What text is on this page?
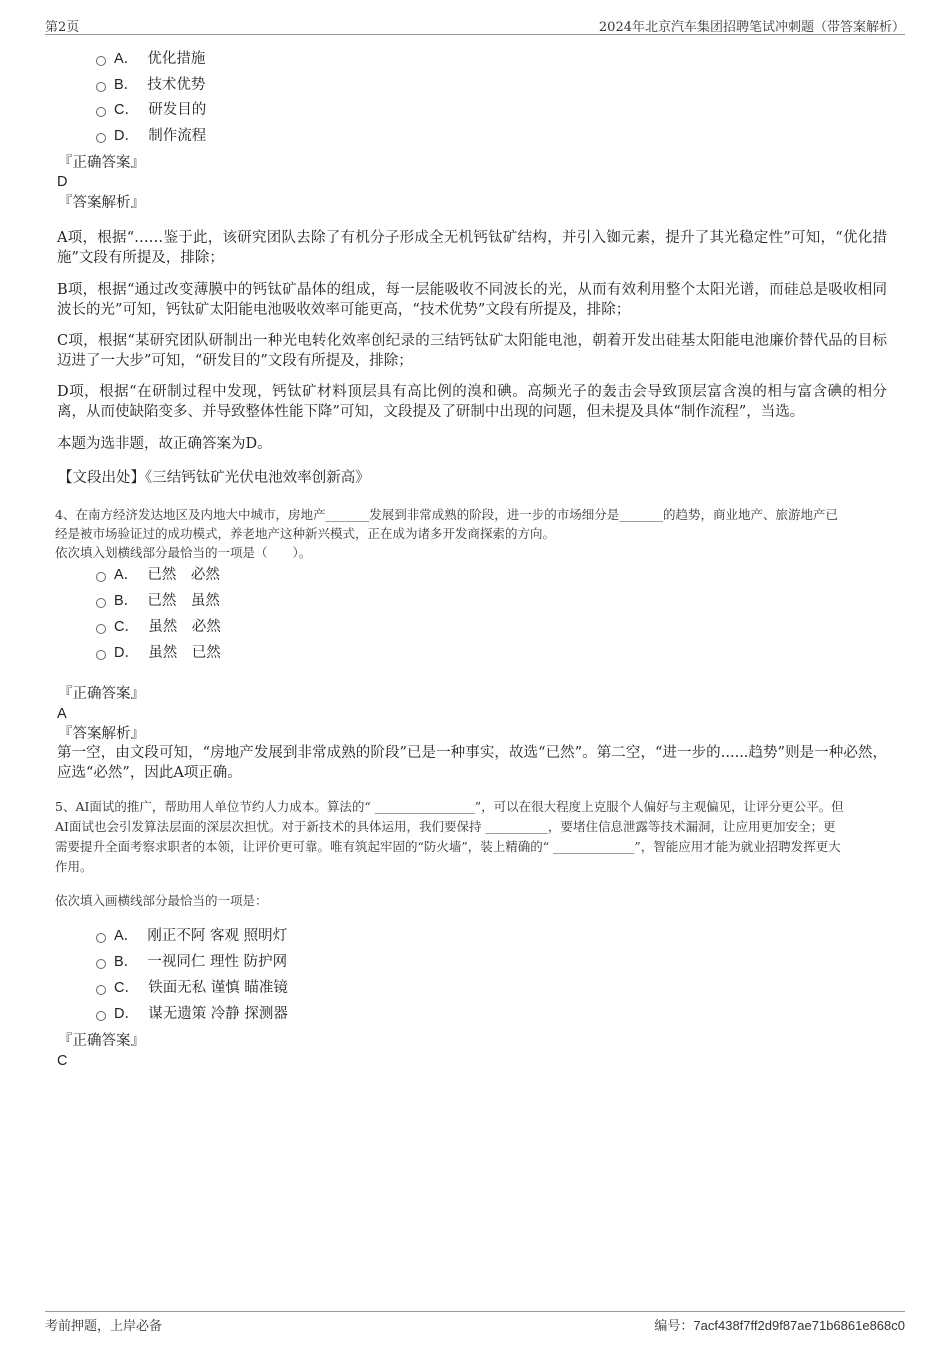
第2页	2024年北京汽车集团招聘笔试冲刺题（带答案解析）
A． 优化措施
B． 技术优势
C． 研发目的
D． 制作流程
『正确答案』
D
『答案解析』
A项，根据“……鉴于此，该研究团队去除了有机分子形成全无机钙钛矿结构，并引入铷元素，提升了其光稳定性”可知，“优化措施”文段有所提及，排除；
B项，根据“通过改变薄膜中的钙钛矿晶体的组成，每一层能吸收不同波长的光，从而有效利用整个太阳光谱，而硅总是吸收相同波长的光”可知，钙钛矿太阳能电池吸收效率可能更高，“技术优势”文段有所提及，排除；
C项，根据“某研究团队研制出一种光电转化效率创纪录的三结钙钛矿太阳能电池，朝着开发出硅基太阳能电池廉价替代品的目标迈进了一大步”可知，“研发目的”文段有所提及，排除；
D项，根据“在研制过程中发现，钙钛矿材料顶层具有高比例的溴和碘。高频光子的轰击会导致顶层富含溴的相与富含碘的相分离，从而使缺陷变多、并导致整体性能下降”可知，文段提及了研制中出现的问题，但未提及具体“制作流程”，当选。
本题为选非题，故正确答案为D。
【文段出处】《三结钙钛矿光伏电池效率创新高》
4、在南方经济发达地区及内地大中城市，房地产_______发展到非常成熟的阶段，进一步的市场细分是_______的趋势，商业地产、旅游地产已
经是被市场验证过的成功模式，养老地产这种新兴模式，正在成为诸多开发商探索的方向。
依次填入划横线部分最恰当的一项是（　　）。
A． 已然　必然
B． 已然　虽然
C． 虽然　必然
D． 虽然　已然
『正确答案』
A
『答案解析』
第一空，由文段可知，“房地产发展到非常成熟的阶段”已是一种事实，故选“已然”。第二空，“进一步的......趋势”则是一种必然，应选“必然”，因此A项正确。
5、AI面试的推广，帮助用人单位节约人力成本。算法的“ ________________”，可以在很大程度上克服个人偏好与主观偏见，让评分更公平。但
AI面试也会引发算法层面的深层次担忧。对于新技术的具体运用，我们要保持 __________，要堵住信息泄露等技术漏洞，让应用更加安全；更
需要提升全面考察求职者的本领，让评价更可靠。唯有筑起牢固的“防火墙”，装上精确的“ _____________”，智能应用才能为就业招聘发挥更大
作用。
依次填入画横线部分最恰当的一项是：
A． 刚正不阿 客观 照明灯
B． 一视同仁 理性 防护网
C． 铁面无私 谨慎 瞄准镜
D． 谋无遗策 冷静 探测器
『正确答案』
C
考前押题，上岸必备	编号：7acf438f7ff2d9f87ae71b6861e868c0
